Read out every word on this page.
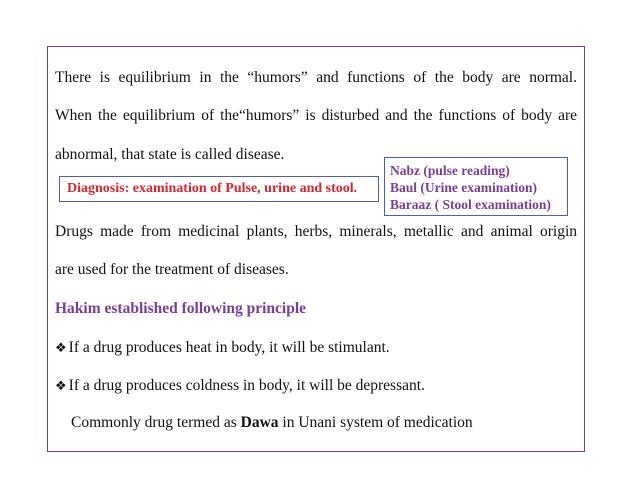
There is equilibrium in the “humors” and functions of the body are normal.
When the equilibrium of the“humors” is disturbed and the functions of body are
abnormal, that state is called disease.
Diagnosis: examination of Pulse, urine and stool.
Nabz (pulse reading)
Baul (Urine examination)
Baraaz ( Stool examination)
Drugs made from medicinal plants, herbs, minerals, metallic and animal origin
are used for the treatment of diseases.
Hakim established following principle
❖ If a drug produces heat in body, it will be stimulant.
❖ If a drug produces coldness in body, it will be depressant.
Commonly drug termed as Dawa in Unani system of medication
